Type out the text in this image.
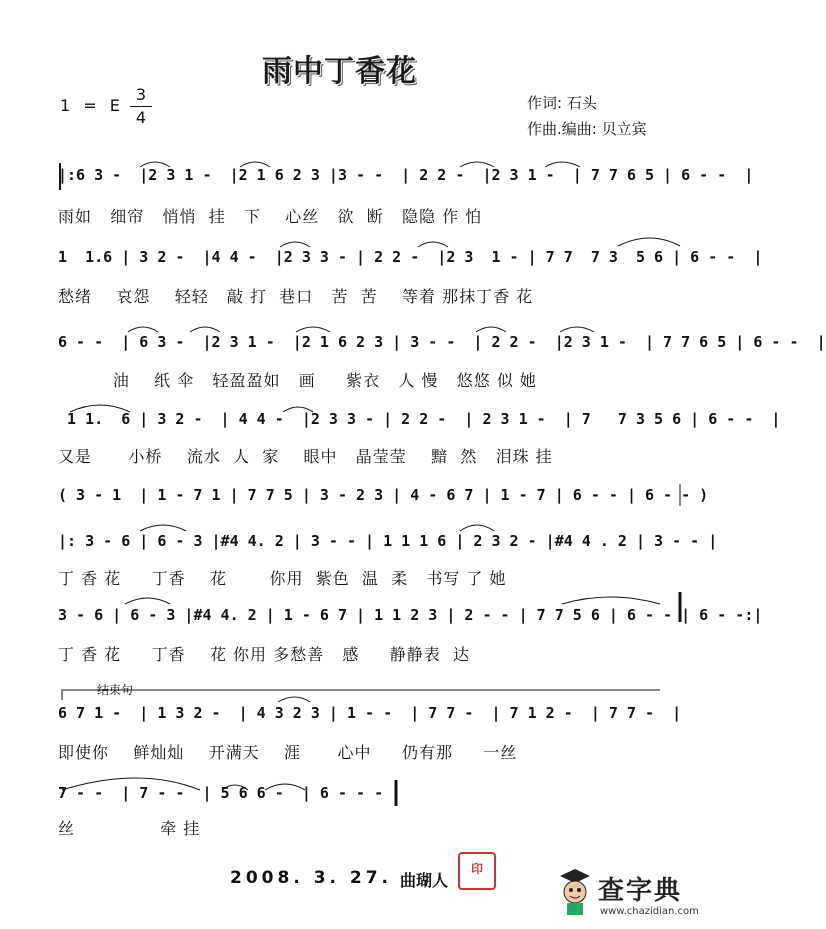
雨中丁香花
1 = E $\frac{3}{4}$	作词: 石头
作曲.编曲: 贝立宾
|:6 3 -  |2 3 1 -  |2 1 6 2 3 |3 - -  | 2 2 -  |2 3 1 -  | 7 7 6 5 | 6 - -  |
雨如   细帘   悄悄  挂   下    心丝   欲  断   隐隐 作 怕
1  1.6 | 3 2 -  |4 4 -  |2 3 3 - | 2 2 -  |2 3  1 - | 7 7  7 3  5 6 | 6 - -  |
愁绪    哀怨    轻轻   敲 打  巷口   苦  苦    等着 那抹丁香 花
6 - -  | 6 3 -  |2 3 1 -  |2 1 6 2 3 | 3 - -  | 2 2 -  |2 3 1 -  | 7 7 6 5 | 6 - -  |
油    纸 伞   轻盈盈如   画     紫衣   人 慢   悠悠 似 她
1 1.  6 | 3 2 -  | 4 4 -  |2 3 3 - | 2 2 -  | 2 3 1 -  | 7   7 3 5 6 | 6 - -  |
又是      小桥    流水  人  家    眼中   晶莹莹    黯  然   泪珠 挂
( 3 - 1  | 1 - 7 1 | 7 7 5 | 3 - 2 3 | 4 - 6 7 | 1 - 7 | 6 - - | 6 - - )
|: 3 - 6 | 6 - 3 |#4 4. 2 | 3 - - | 1 1 1 6 | 2 3 2 - |#4 4 . 2 | 3 - - |
丁 香 花     丁香    花       你用  紫色  温  柔   书写 了 她
3 - 6 | 6 - 3 |#4 4. 2 | 1 - 6 7 | 1 1 2 3 | 2 - - | 7 7 5 6 | 6 - - | 6 - -:|
丁 香 花     丁香    花 你用 多愁善   感     静静表  达
结束句
6 7 1 -  | 1 3 2 -  | 4 3 2 3 | 1 - -  | 7 7 -  | 7 1 2 -  | 7 7 -  |
即使你    鲜灿灿    开满天    涯      心中     仍有那     一丝
7 - -  | 7 - -  | 5 6 6 -  | 6 - - - |
丝              牵 挂
2008. 3. 27. 曲瑚人
印
查字典
www.chazidian.com
